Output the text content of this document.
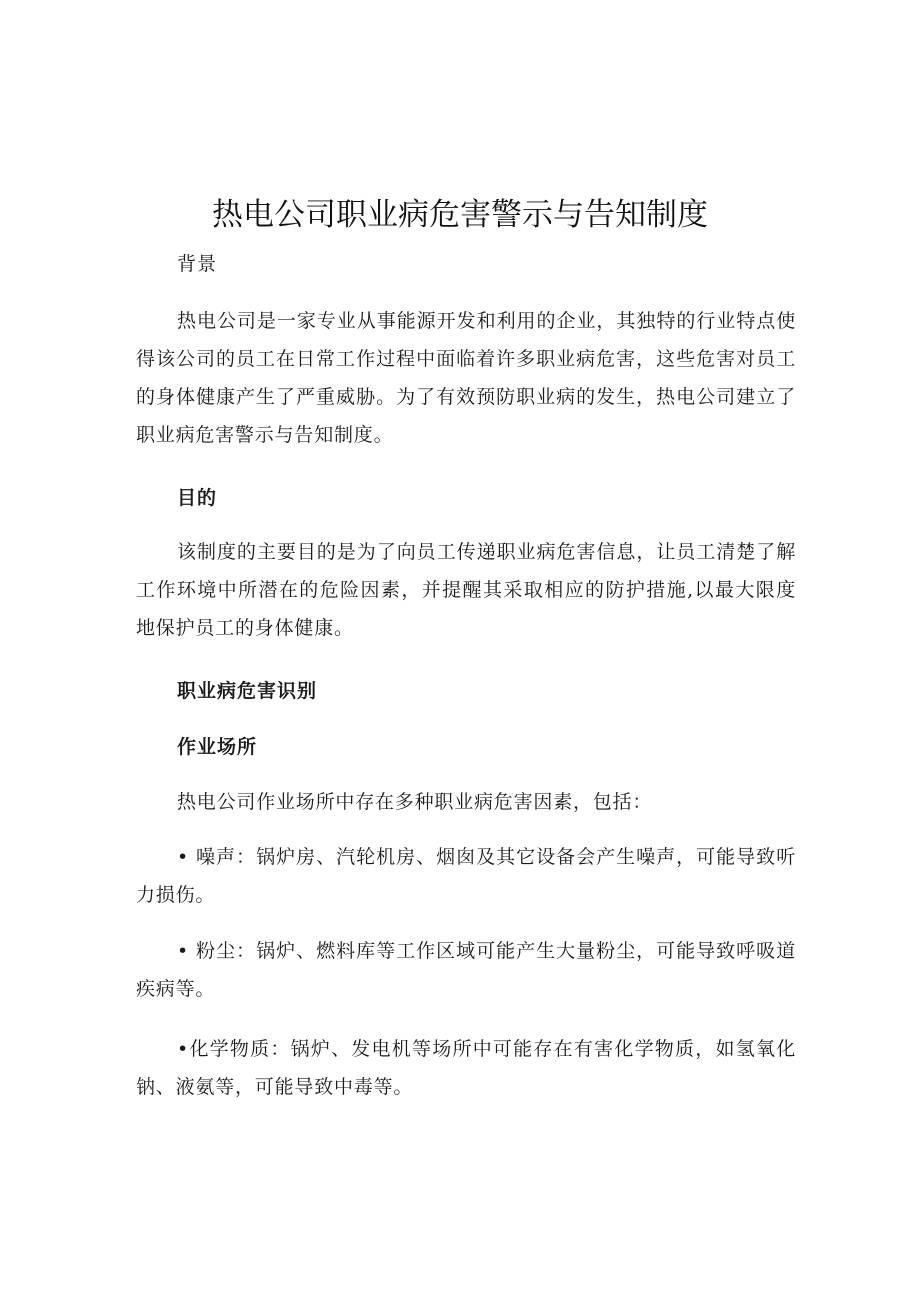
热电公司职业病危害警示与告知制度
背景
热电公司是一家专业从事能源开发和利用的企业，其独特的行业特点使得该公司的员工在日常工作过程中面临着许多职业病危害，这些危害对员工的身体健康产生了严重威胁。为了有效预防职业病的发生，热电公司建立了职业病危害警示与告知制度。
目的
该制度的主要目的是为了向员工传递职业病危害信息，让员工清楚了解工作环境中所潜在的危险因素，并提醒其采取相应的防护措施,以最大限度地保护员工的身体健康。
职业病危害识别
作业场所
热电公司作业场所中存在多种职业病危害因素，包括：
• 噪声：锅炉房、汽轮机房、烟囱及其它设备会产生噪声，可能导致听力损伤。
• 粉尘：锅炉、燃料库等工作区域可能产生大量粉尘，可能导致呼吸道疾病等。
•化学物质：锅炉、发电机等场所中可能存在有害化学物质，如氢氧化钠、液氨等，可能导致中毒等。
